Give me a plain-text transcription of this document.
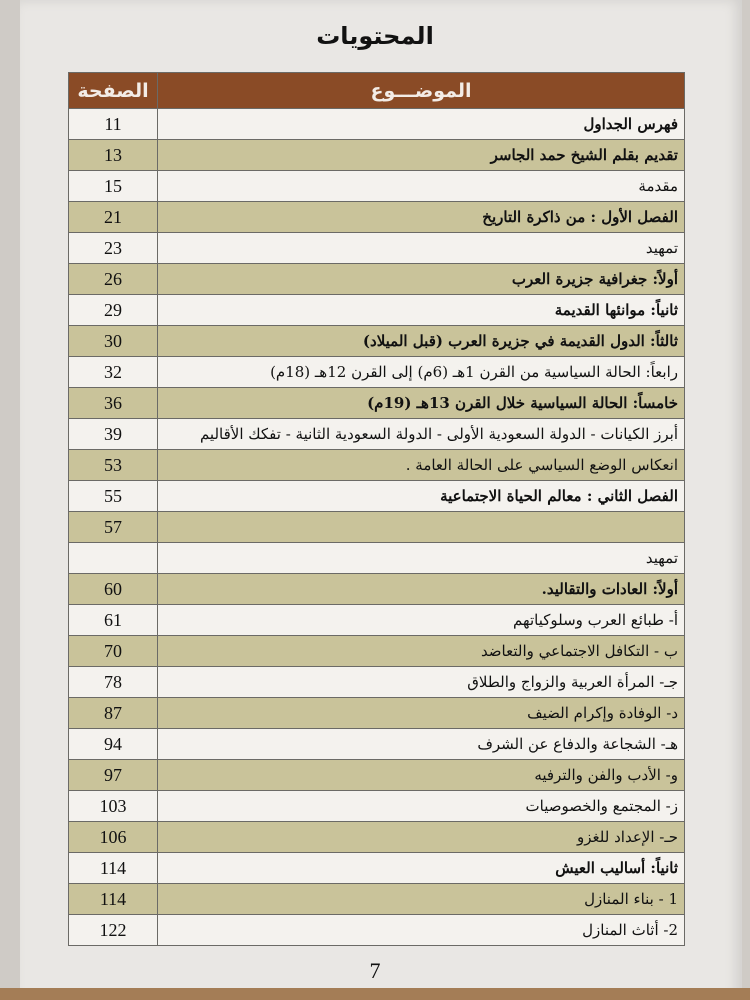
المحتويات
الموضـــوع	الصفحة
فهرس الجداول	11
تقديم بقلم الشيخ حمد الجاسر	13
مقدمة	15
الفصل الأول : من ذاكرة التاريخ	21
تمهيد	23
أولاً: جغرافية جزيرة العرب	26
ثانياً: موانئها القديمة	29
ثالثاً: الدول القديمة في جزيرة العرب (قبل الميلاد)	30
رابعاً: الحالة السياسية من القرن 1هـ (6م) إلى القرن 12هـ (18م)	32
خامساً: الحالة السياسية خلال القرن 13هـ (19م)	36
أبرز الكيانات - الدولة السعودية الأولى - الدولة السعودية الثانية - تفكك الأقاليم	39
انعكاس الوضع السياسي على الحالة العامة .	53
الفصل الثاني : معالم الحياة الاجتماعية	55
	57
تمهيد	
أولاً: العادات والتقاليد.	60
أ- طبائع العرب وسلوكياتهم	61
ب - التكافل الاجتماعي والتعاضد	70
جـ- المرأة العربية والزواج والطلاق	78
د- الوفادة وإكرام الضيف	87
هـ- الشجاعة والدفاع عن الشرف	94
و- الأدب والفن والترفيه	97
ز- المجتمع والخصوصيات	103
حـ- الإعداد للغزو	106
ثانياً: أساليب العيش	114
1 - بناء المنازل	114
2- أثاث المنازل	122
7
